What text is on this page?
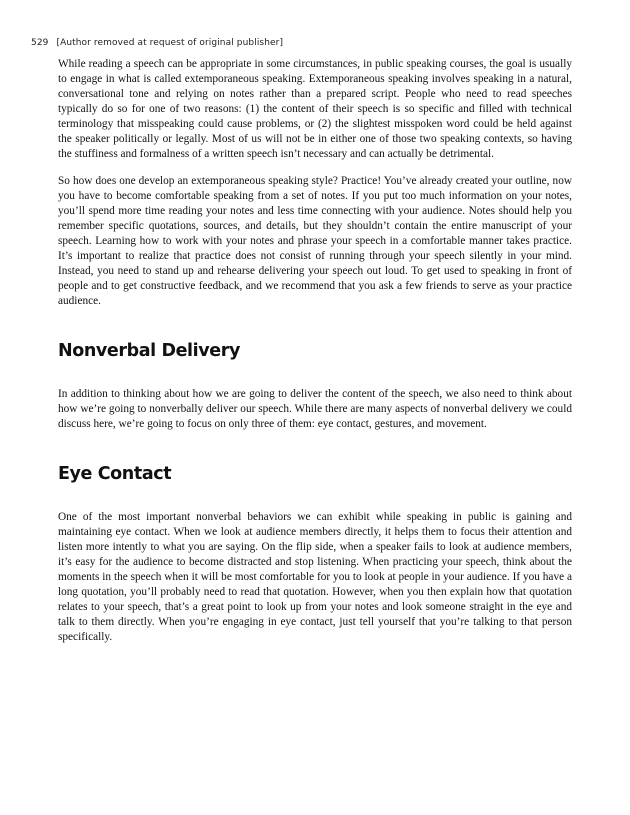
529 [Author removed at request of original publisher]

While reading a speech can be appropriate in some circumstances, in public speaking courses, the goal is usually to engage in what is called extemporaneous speaking. Extemporaneous speaking involves speaking in a natural, conversational tone and relying on notes rather than a prepared script. People who need to read speeches typically do so for one of two reasons: (1) the content of their speech is so specific and filled with technical terminology that misspeaking could cause problems, or (2) the slightest misspoken word could be held against the speaker politically or legally. Most of us will not be in either one of those two speaking contexts, so having the stuffiness and formalness of a written speech isn’t necessary and can actually be detrimental.

So how does one develop an extemporaneous speaking style? Practice! You’ve already created your outline, now you have to become comfortable speaking from a set of notes. If you put too much information on your notes, you’ll spend more time reading your notes and less time connecting with your audience. Notes should help you remember specific quotations, sources, and details, but they shouldn’t contain the entire manuscript of your speech. Learning how to work with your notes and phrase your speech in a comfortable manner takes practice. It’s important to realize that practice does not consist of running through your speech silently in your mind. Instead, you need to stand up and rehearse delivering your speech out loud. To get used to speaking in front of people and to get constructive feedback, and we recommend that you ask a few friends to serve as your practice audience.

Nonverbal Delivery

In addition to thinking about how we are going to deliver the content of the speech, we also need to think about how we’re going to nonverbally deliver our speech. While there are many aspects of nonverbal delivery we could discuss here, we’re going to focus on only three of them: eye contact, gestures, and movement.

Eye Contact

One of the most important nonverbal behaviors we can exhibit while speaking in public is gaining and maintaining eye contact. When we look at audience members directly, it helps them to focus their attention and listen more intently to what you are saying. On the flip side, when a speaker fails to look at audience members, it’s easy for the audience to become distracted and stop listening. When practicing your speech, think about the moments in the speech when it will be most comfortable for you to look at people in your audience. If you have a long quotation, you’ll probably need to read that quotation. However, when you then explain how that quotation relates to your speech, that’s a great point to look up from your notes and look someone straight in the eye and talk to them directly. When you’re engaging in eye contact, just tell yourself that you’re talking to that person specifically.
